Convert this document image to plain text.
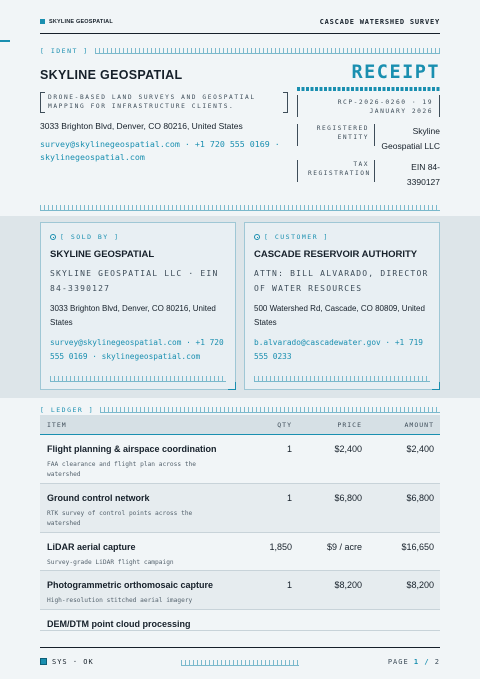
SKYLINE GEOSPATIAL	CASCADE WATERSHED SURVEY
[ IDENT ]
SKYLINE GEOSPATIAL
DRONE-BASED LAND SURVEYS AND GEOSPATIAL MAPPING FOR INFRASTRUCTURE CLIENTS.
3033 Brighton Blvd, Denver, CO 80216, United States
survey@skylinegeospatial.com · +1 720 555 0169 · skylinegeospatial.com
RECEIPT
RCP-2026-0260 · 19 JANUARY 2026
REGISTERED ENTITY
Skyline Geospatial LLC
TAX REGISTRATION
EIN 84-3390127
[ SOLD BY ]
SKYLINE GEOSPATIAL
SKYLINE GEOSPATIAL LLC · EIN 84-3390127
3033 Brighton Blvd, Denver, CO 80216, United States
survey@skylinegeospatial.com · +1 720 555 0169 · skylinegeospatial.com
[ CUSTOMER ]
CASCADE RESERVOIR AUTHORITY
ATTN: BILL ALVARADO, DIRECTOR OF WATER RESOURCES
500 Watershed Rd, Cascade, CO 80809, United States
b.alvarado@cascadewater.gov · +1 719 555 0233
[ LEDGER ]
ITEM	QTY	PRICE	AMOUNT
Flight planning & airspace coordination
FAA clearance and flight plan across the watershed
1	$2,400	$2,400
Ground control network
RTK survey of control points across the watershed
1	$6,800	$6,800
LiDAR aerial capture
Survey-grade LiDAR flight campaign
1,850	$9 / acre	$16,650
Photogrammetric orthomosaic capture
High-resolution stitched aerial imagery
1	$8,200	$8,200
DEM/DTM point cloud processing
SYS · OK	PAGE 1 / 2
